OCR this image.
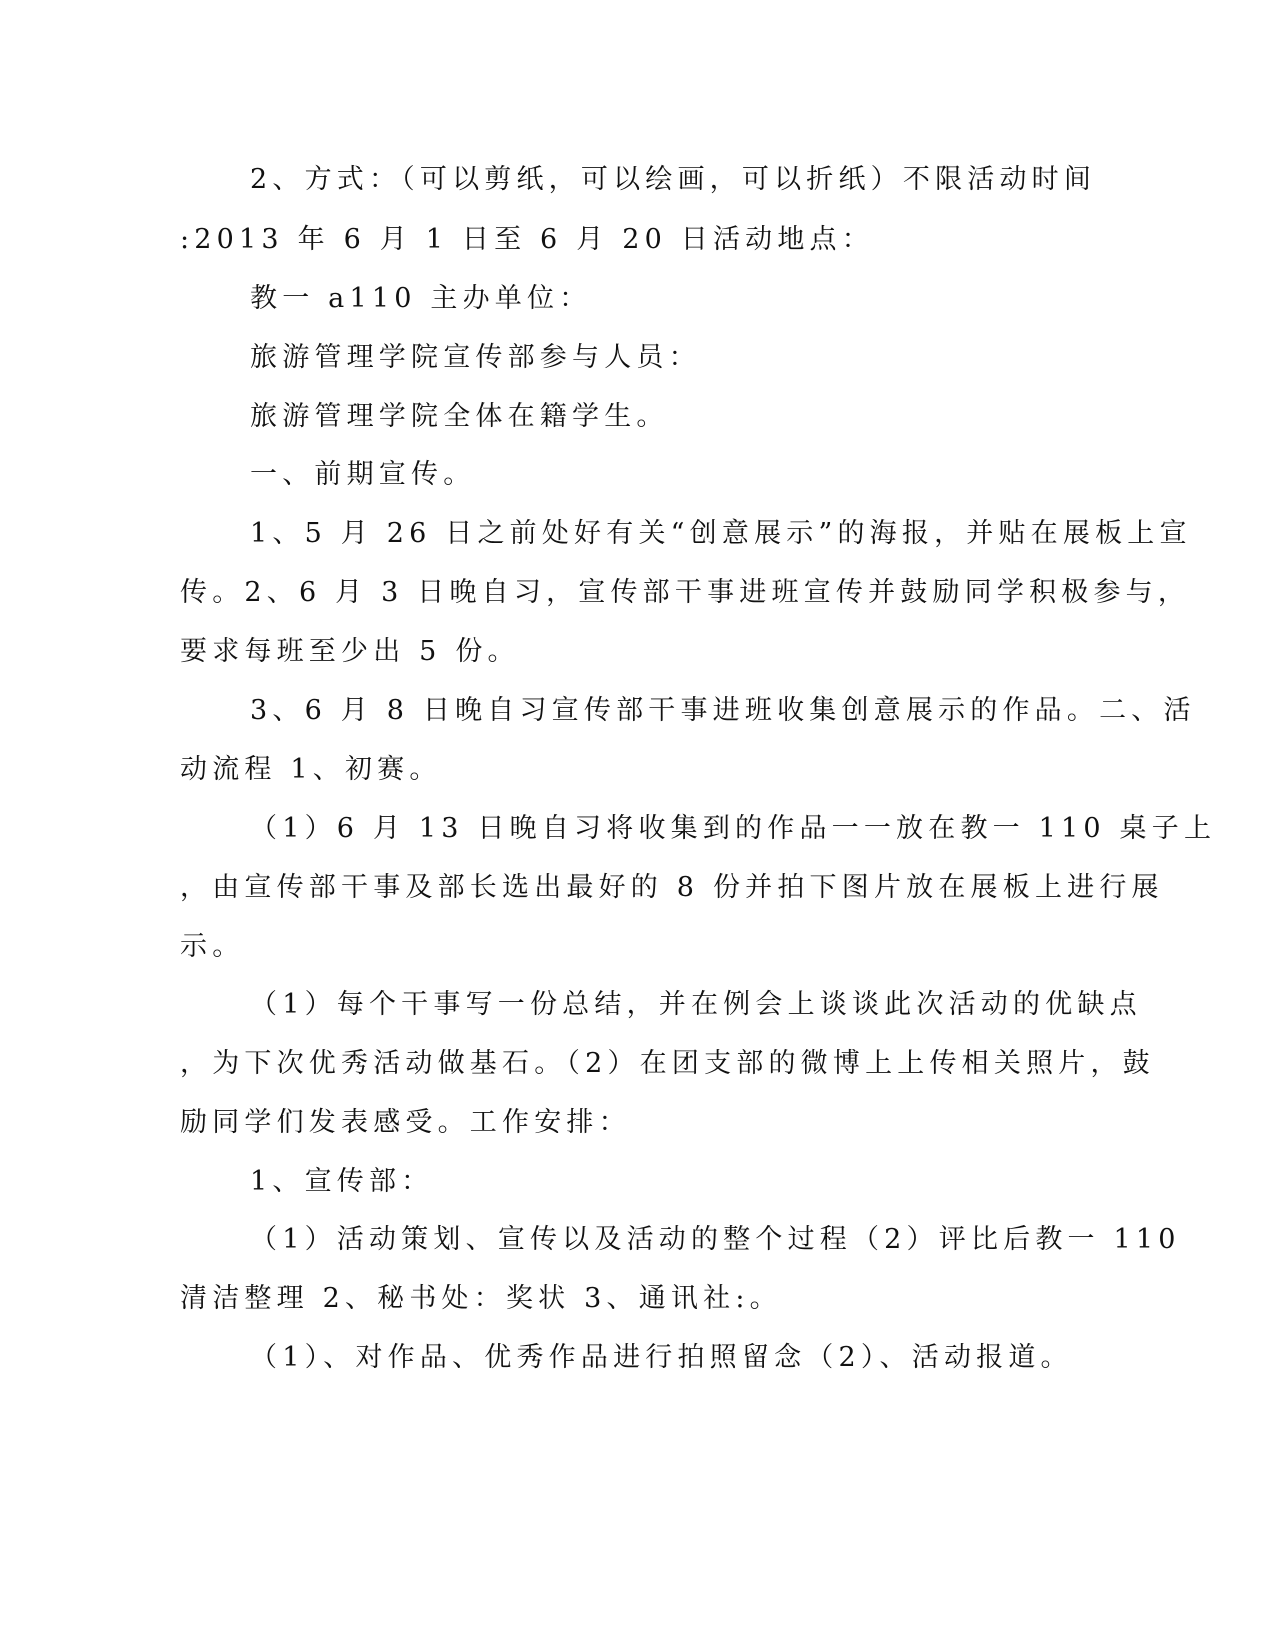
2、方式：（可以剪纸，可以绘画，可以折纸）不限活动时间
:2013 年 6 月 1 日至 6 月 20 日活动地点：
教一 a110 主办单位：
旅游管理学院宣传部参与人员：
旅游管理学院全体在籍学生。
一、前期宣传。
1、5 月 26 日之前处好有关“创意展示”的海报，并贴在展板上宣
传。2、6 月 3 日晚自习，宣传部干事进班宣传并鼓励同学积极参与，
要求每班至少出 5 份。
3、6 月 8 日晚自习宣传部干事进班收集创意展示的作品。二、活
动流程 1、初赛。
（1）6 月 13 日晚自习将收集到的作品一一放在教一 110 桌子上
，由宣传部干事及部长选出最好的 8 份并拍下图片放在展板上进行展
示。
（1）每个干事写一份总结，并在例会上谈谈此次活动的优缺点
，为下次优秀活动做基石。（2）在团支部的微博上上传相关照片，鼓
励同学们发表感受。工作安排：
1、宣传部：
（1）活动策划、宣传以及活动的整个过程（2）评比后教一 110
清洁整理 2、秘书处：奖状 3、通讯社:。
（1）、对作品、优秀作品进行拍照留念（2）、活动报道。
